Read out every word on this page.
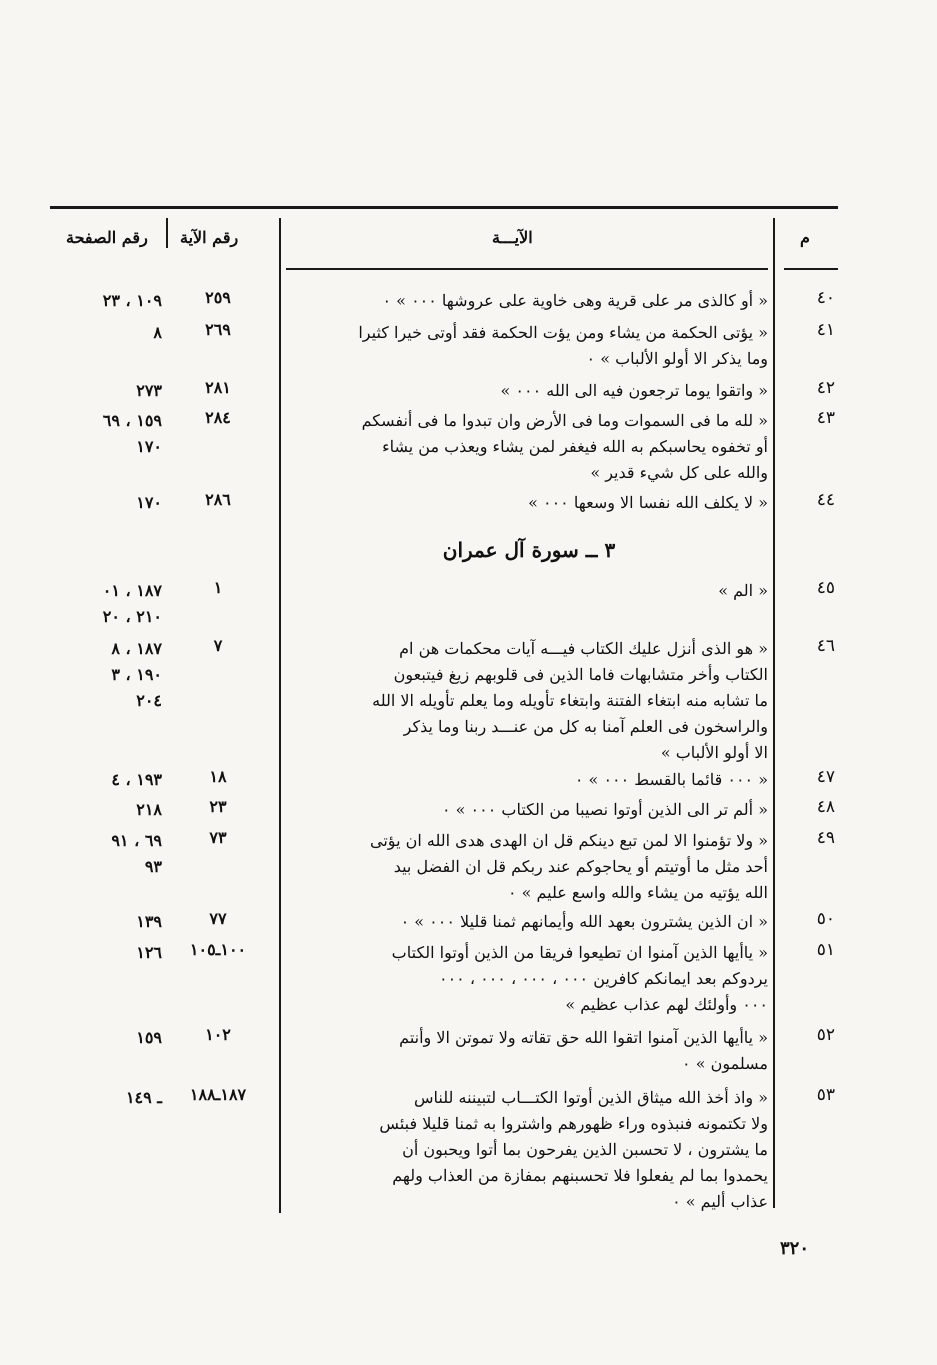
م
الآيـــة
رقم الآية
رقم الصفحة
٤٠
« أو كالذى مر على قرية وهى خاوية على عروشها ٠٠٠ » ٠
٢٥٩
١٠٩ ، ٢٣
٤١
« يؤتى الحكمة من يشاء ومن يؤت الحكمة فقد أوتى خيرا كثيرا
وما يذكر الا أولو الألباب » ٠
٢٦٩
٨
٤٢
« واتقوا يوما ترجعون فيه الى الله ٠٠٠ »
٢٨١
٢٧٣
٤٣
« لله ما فى السموات وما فى الأرض وان تبدوا ما فى أنفسكم
أو تخفوه يحاسبكم به الله فيغفر لمن يشاء ويعذب من يشاء
والله على كل شيء قدير »
٢٨٤
١٥٩ ، ٦٩
١٧٠
٤٤
« لا يكلف الله نفسا الا وسعها ٠٠٠ »
٢٨٦
١٧٠
٣ ــ سورة آل عمران
٤٥
« الم »
١
١٨٧ ، ٠١
٢١٠ ، ٢٠
٤٦
« هو الذى أنزل عليك الكتاب فيـــه آيات محكمات هن ام
الكتاب وأخر متشابهات فاما الذين فى قلوبهم زيغ فيتبعون
ما تشابه منه ابتغاء الفتنة وابتغاء تأويله وما يعلم تأويله الا الله
والراسخون فى العلم آمنا به كل من عنـــد ربنا وما يذكر
الا أولو الألباب »
٧
١٨٧ ، ٨
١٩٠ ، ٣
٢٠٤
٤٧
« ٠٠٠ قائما بالقسط ٠٠٠ » ٠
١٨
١٩٣ ، ٤
٤٨
« ألم تر الى الذين أوتوا نصيبا من الكتاب ٠٠٠ » ٠
٢٣
٢١٨
٤٩
« ولا تؤمنوا الا لمن تبع دينكم قل ان الهدى هدى الله ان يؤتى
أحد مثل ما أوتيتم أو يحاجوكم عند ربكم قل ان الفضل بيد
الله يؤتيه من يشاء والله واسع عليم » ٠
٧٣
٦٩ ، ٩١
٩٣
٥٠
« ان الذين يشترون بعهد الله وأيمانهم ثمنا قليلا ٠٠٠ » ٠
٧٧
١٣٩
٥١
« ياأيها الذين آمنوا ان تطيعوا فريقا من الذين أوتوا الكتاب
يردوكم بعد ايمانكم كافرين ٠٠٠ ، ٠٠٠ ، ٠٠٠ ، ٠٠٠
٠٠٠ وأولئك لهم عذاب عظيم »
١٠٠ـ١٠٥
١٢٦
٥٢
« ياأيها الذين آمنوا اتقوا الله حق تقاته ولا تموتن الا وأنتم
مسلمون » ٠
١٠٢
١٥٩
٥٣
« واذ أخذ الله ميثاق الذين أوتوا الكتـــاب لتبيننه للناس
ولا تكتمونه فنبذوه وراء ظهورهم واشتروا به ثمنا قليلا فبئس
ما يشترون ، لا تحسبن الذين يفرحون بما أتوا ويحبون أن
يحمدوا بما لم يفعلوا فلا تحسبنهم بمفازة من العذاب ولهم
عذاب أليم » ٠
١٨٧ـ١٨٨
ـ ١٤٩
٣٢٠
